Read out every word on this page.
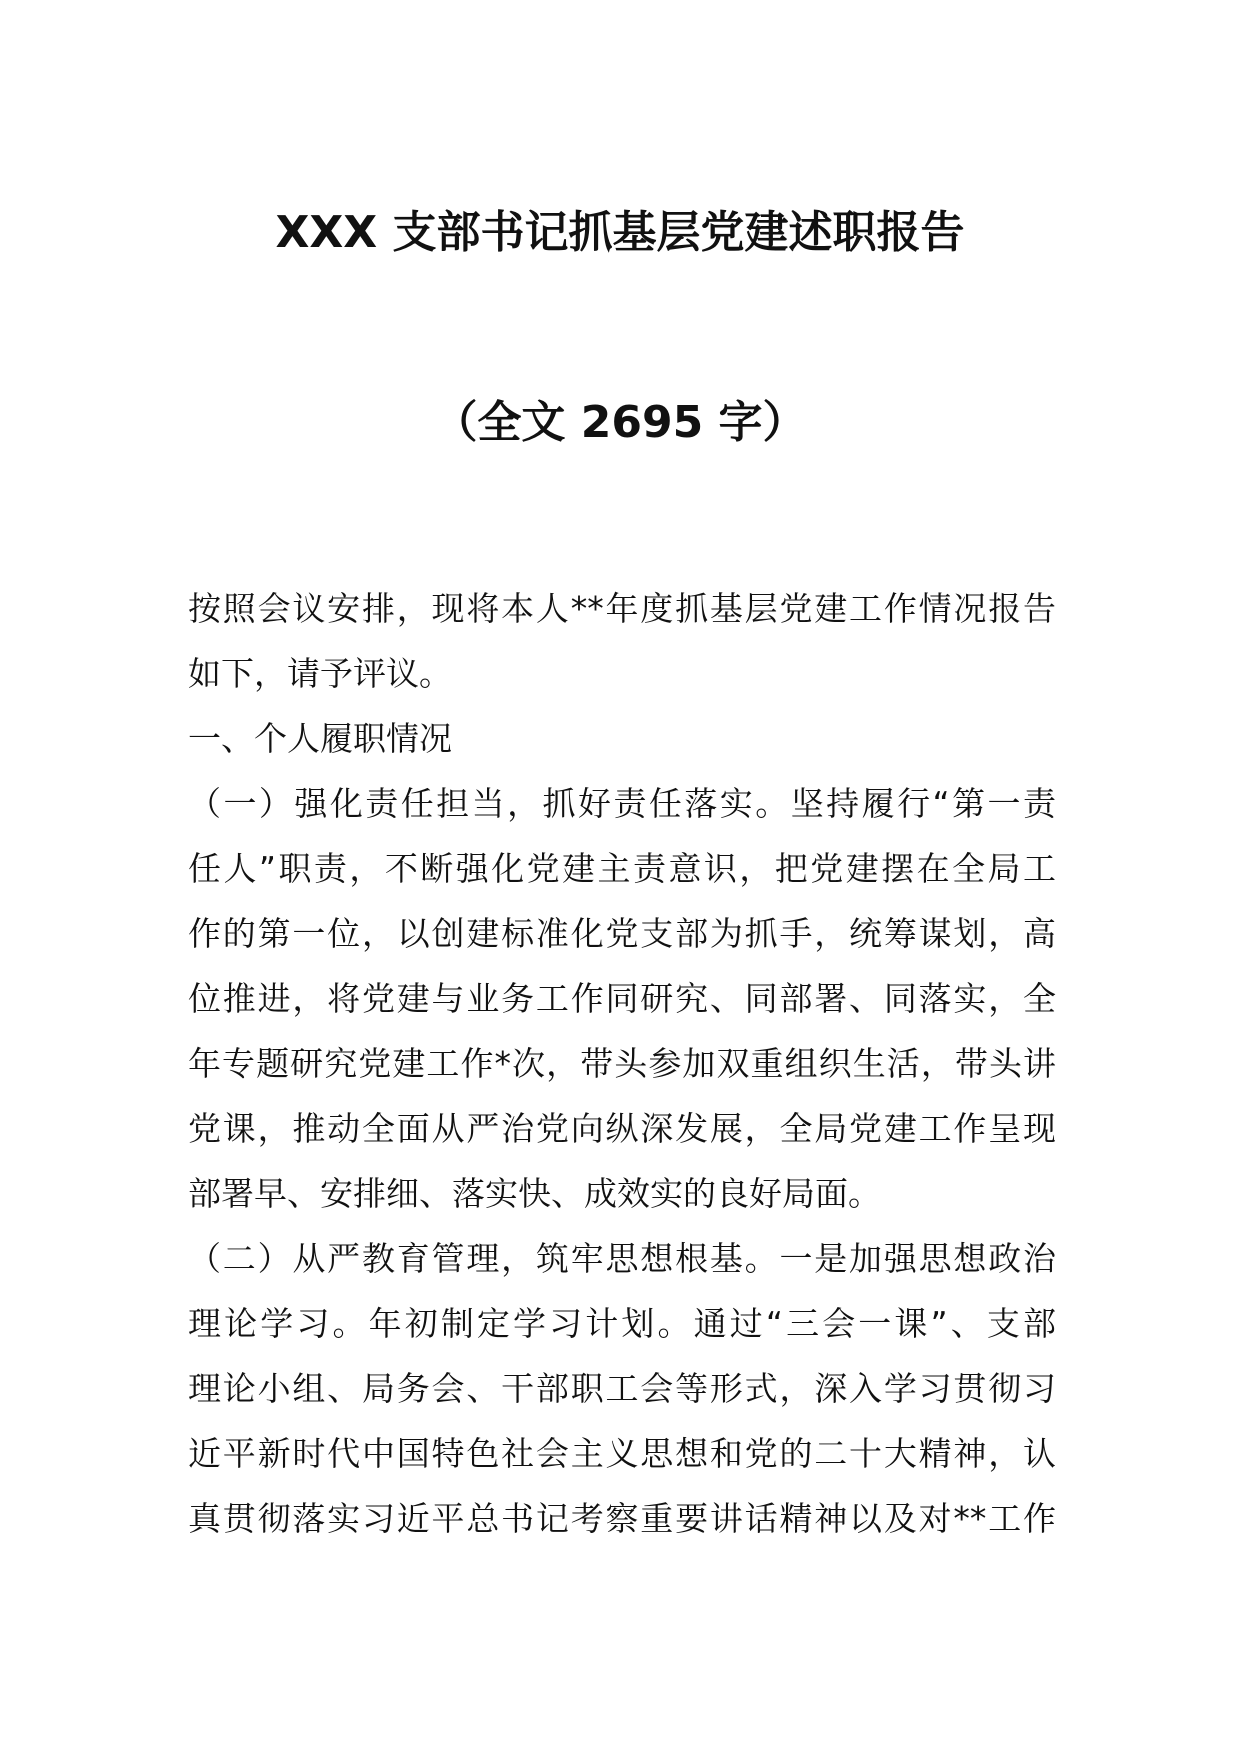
XXX 支部书记抓基层党建述职报告
（全文 2695 字）
按照会议安排，现将本人**年度抓基层党建工作情况报告
如下，请予评议。
一、个人履职情况
（一）强化责任担当，抓好责任落实。坚持履行“第一责
任人”职责，不断强化党建主责意识，把党建摆在全局工
作的第一位，以创建标准化党支部为抓手，统筹谋划，高
位推进，将党建与业务工作同研究、同部署、同落实，全
年专题研究党建工作*次，带头参加双重组织生活，带头讲
党课，推动全面从严治党向纵深发展，全局党建工作呈现
部署早、安排细、落实快、成效实的良好局面。
（二）从严教育管理，筑牢思想根基。一是加强思想政治
理论学习。年初制定学习计划。通过“三会一课”、支部
理论小组、局务会、干部职工会等形式，深入学习贯彻习
近平新时代中国特色社会主义思想和党的二十大精神，认
真贯彻落实习近平总书记考察重要讲话精神以及对**工作
